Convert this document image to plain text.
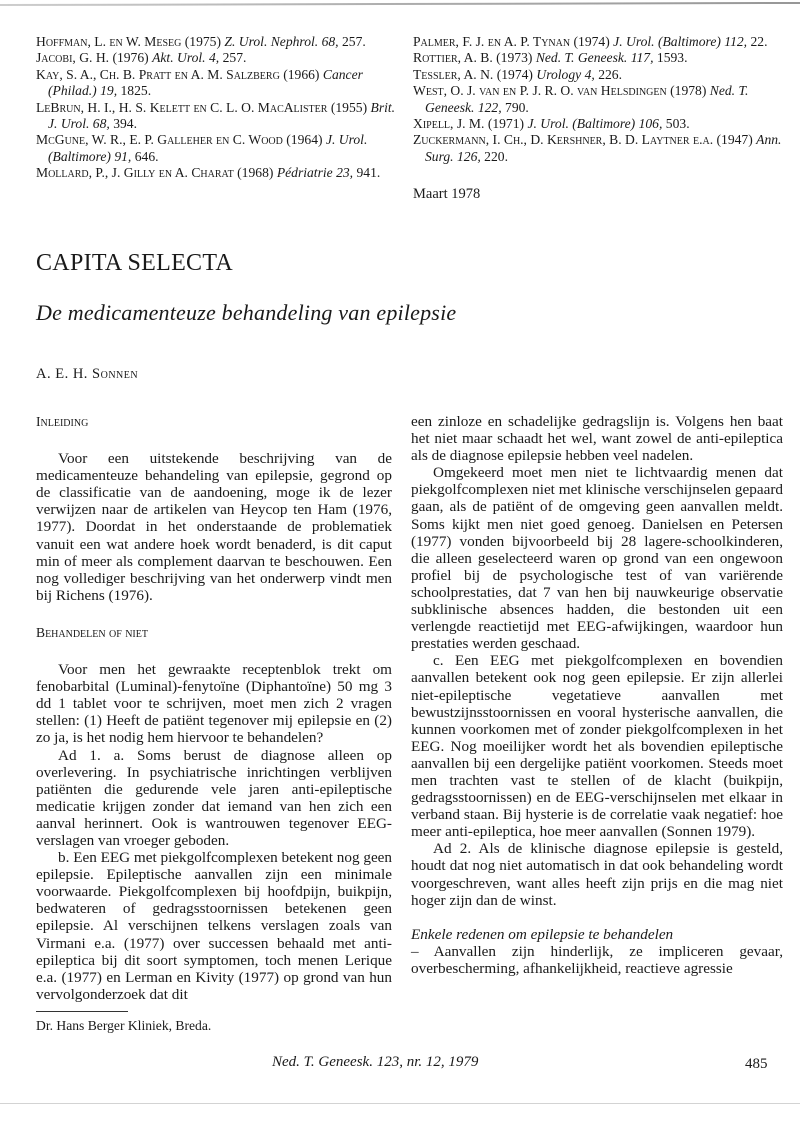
Hoffman, L. en W. Meseg (1975) Z. Urol. Nephrol. 68, 257.

Jacobi, G. H. (1976) Akt. Urol. 4, 257.

Kay, S. A., Ch. B. Pratt en A. M. Salzberg (1966) Cancer (Philad.) 19, 1825.

LeBrun, H. I., H. S. Kelett en C. L. O. MacAlister (1955) Brit. J. Urol. 68, 394.

McGune, W. R., E. P. Galleher en C. Wood (1964) J. Urol. (Baltimore) 91, 646.

Mollard, P., J. Gilly en A. Charat (1968) Pédriatrie 23, 941.

Palmer, F. J. en A. P. Tynan (1974) J. Urol. (Baltimore) 112, 22.

Rottier, A. B. (1973) Ned. T. Geneesk. 117, 1593.

Tessler, A. N. (1974) Urology 4, 226.

West, O. J. van en P. J. R. O. van Helsdingen (1978) Ned. T. Geneesk. 122, 790.

Xipell, J. M. (1971) J. Urol. (Baltimore) 106, 503.

Zuckermann, I. Ch., D. Kershner, B. D. Laytner e.a. (1947) Ann. Surg. 126, 220.

Maart 1978
CAPITA SELECTA
De medicamenteuze behandeling van epilepsie
A. E. H. Sonnen

Inleiding

Voor een uitstekende beschrijving van de medicamenteuze behandeling van epilepsie, gegrond op de classificatie van de aandoening, moge ik de lezer verwijzen naar de artikelen van Heycop ten Ham (1976, 1977). Doordat in het onderstaande de problematiek vanuit een wat andere hoek wordt benaderd, is dit caput min of meer als complement daarvan te beschouwen. Een nog vollediger beschrijving van het onderwerp vindt men bij Richens (1976).

Behandelen of niet

Voor men het gewraakte receptenblok trekt om fenobarbital (Luminal)-fenytoïne (Diphantoïne) 50 mg 3 dd 1 tablet voor te schrijven, moet men zich 2 vragen stellen: (1) Heeft de patiënt tegenover mij epilepsie en (2) zo ja, is het nodig hem hiervoor te behandelen?

Ad 1. a. Soms berust de diagnose alleen op overlevering. In psychiatrische inrichtingen verblijven patiënten die gedurende vele jaren anti-epileptische medicatie krijgen zonder dat iemand van hen zich een aanval herinnert. Ook is wantrouwen tegenover EEG-verslagen van vroeger geboden.

b. Een EEG met piekgolfcomplexen betekent nog geen epilepsie. Epileptische aanvallen zijn een minimale voorwaarde. Piekgolfcomplexen bij hoofdpijn, buikpijn, bedwateren of gedragsstoornissen betekenen geen epilepsie. Al verschijnen telkens verslagen zoals van Virmani e.a. (1977) over successen behaald met anti-epileptica bij dit soort symptomen, toch menen Lerique e.a. (1977) en Lerman en Kivity (1977) op grond van hun vervolgonderzoek dat dit

een zinloze en schadelijke gedragslijn is. Volgens hen baat het niet maar schaadt het wel, want zowel de anti-epileptica als de diagnose epilepsie hebben veel nadelen.

Omgekeerd moet men niet te lichtvaardig menen dat piekgolfcomplexen niet met klinische verschijnselen gepaard gaan, als de patiënt of de omgeving geen aanvallen meldt. Soms kijkt men niet goed genoeg. Danielsen en Petersen (1977) vonden bijvoorbeeld bij 28 lagere-schoolkinderen, die alleen geselecteerd waren op grond van een ongewoon profiel bij de psychologische test of van variërende schoolprestaties, dat 7 van hen bij nauwkeurige observatie subklinische absences hadden, die bestonden uit een verlengde reactietijd met EEG-afwijkingen, waardoor hun prestaties werden geschaad.

c. Een EEG met piekgolfcomplexen en bovendien aanvallen betekent ook nog geen epilepsie. Er zijn allerlei niet-epileptische vegetatieve aanvallen met bewustzijnsstoornissen en vooral hysterische aanvallen, die kunnen voorkomen met of zonder piekgolfcomplexen in het EEG. Nog moeilijker wordt het als bovendien epileptische aanvallen bij een dergelijke patiënt voorkomen. Steeds moet men trachten vast te stellen of de klacht (buikpijn, gedragsstoornissen) en de EEG-verschijnselen met elkaar in verband staan. Bij hysterie is de correlatie vaak negatief: hoe meer anti-epileptica, hoe meer aanvallen (Sonnen 1979).

Ad 2. Als de klinische diagnose epilepsie is gesteld, houdt dat nog niet automatisch in dat ook behandeling wordt voorgeschreven, want alles heeft zijn prijs en die mag niet hoger zijn dan de winst.

Enkele redenen om epilepsie te behandelen

– Aanvallen zijn hinderlijk, ze impliceren gevaar, overbescherming, afhankelijkheid, reactieve agressie

Dr. Hans Berger Kliniek, Breda.
Ned. T. Geneesk. 123, nr. 12, 1979	485
